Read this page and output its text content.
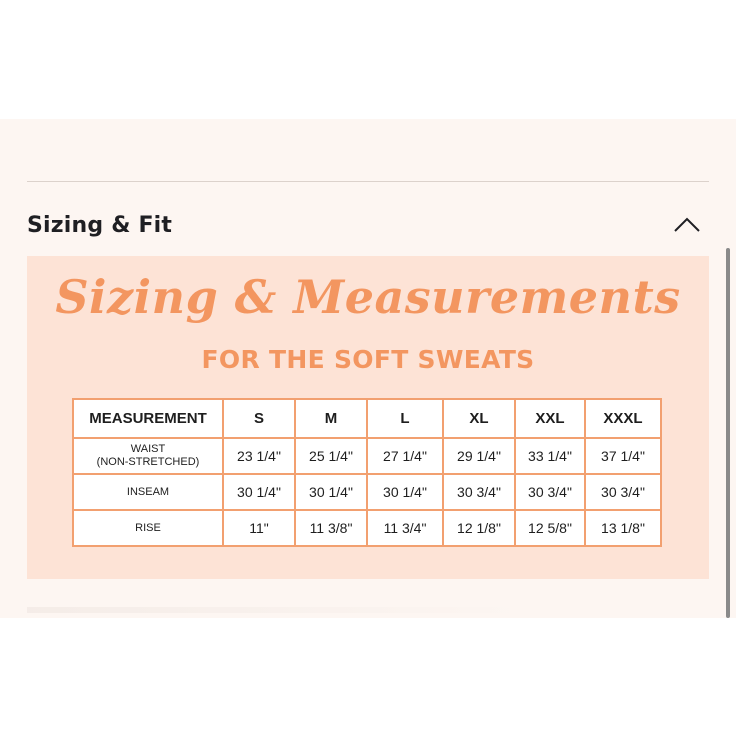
Sizing & Fit
Sizing & Measurements
FOR THE SOFT SWEATS
MEASUREMENT	S	M	L	XL	XXL	XXXL

WAIST
(NON-STRETCHED)	23 1/4"	25 1/4"	27 1/4"	29 1/4"	33 1/4"	37 1/4"
INSEAM	30 1/4"	30 1/4"	30 1/4"	30 3/4"	30 3/4"	30 3/4"
RISE	11"	11 3/8"	11 3/4"	12 1/8"	12 5/8"	13 1/8"
